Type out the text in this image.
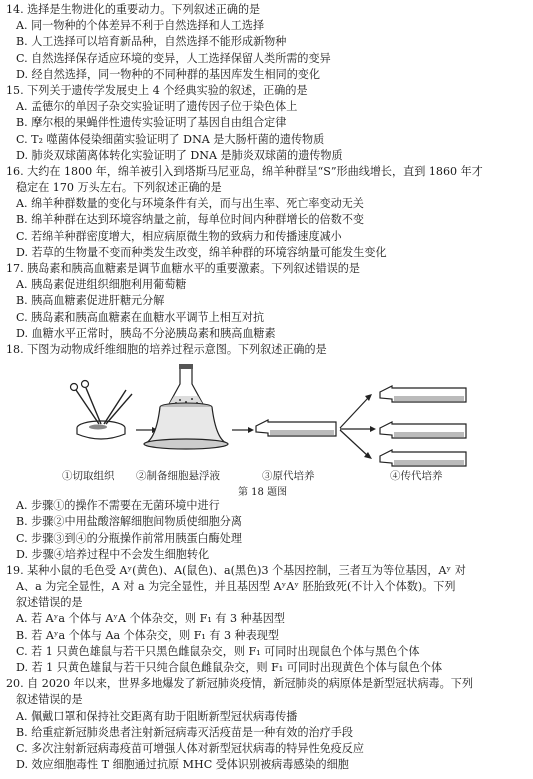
14. 选择是生物进化的重要动力。下列叙述正确的是
A. 同一物种的个体差异不利于自然选择和人工选择
B. 人工选择可以培育新品种，自然选择不能形成新物种
C. 自然选择保存适应环境的变异，人工选择保留人类所需的变异
D. 经自然选择，同一物种的不同种群的基因库发生相同的变化
15. 下列关于遗传学发展史上 4 个经典实验的叙述，正确的是
A. 孟德尔的单因子杂交实验证明了遗传因子位于染色体上
B. 摩尔根的果蝇伴性遗传实验证明了基因自由组合定律
C. T₂ 噬菌体侵染细菌实验证明了 DNA 是大肠杆菌的遗传物质
D. 肺炎双球菌离体转化实验证明了 DNA 是肺炎双球菌的遗传物质
16. 大约在 1800 年，绵羊被引入到塔斯马尼亚岛，绵羊种群呈“S”形曲线增长，直到 1860 年才
稳定在 170 万头左右。下列叙述正确的是
A. 绵羊种群数量的变化与环境条件有关，而与出生率、死亡率变动无关
B. 绵羊种群在达到环境容纳量之前，每单位时间内种群增长的倍数不变
C. 若绵羊种群密度增大，相应病原微生物的致病力和传播速度减小
D. 若草的生物量不变而种类发生改变，绵羊种群的环境容纳量可能发生变化
17. 胰岛素和胰高血糖素是调节血糖水平的重要激素。下列叙述错误的是
A. 胰岛素促进组织细胞利用葡萄糖
B. 胰高血糖素促进肝糖元分解
C. 胰岛素和胰高血糖素在血糖水平调节上相互对抗
D. 血糖水平正常时，胰岛不分泌胰岛素和胰高血糖素
18. 下图为动物成纤维细胞的培养过程示意图。下列叙述正确的是
①切取组织 ②制备细胞悬浮液	③原代培养	④传代培养
第 18 题图
A. 步骤①的操作不需要在无菌环境中进行
B. 步骤②中用盐酸溶解细胞间物质使细胞分离
C. 步骤③到④的分瓶操作前常用胰蛋白酶处理
D. 步骤④培养过程中不会发生细胞转化
19. 某种小鼠的毛色受 Aʸ(黄色)、A(鼠色)、a(黑色)3 个基因控制，三者互为等位基因，Aʸ 对
A、a 为完全显性，A 对 a 为完全显性，并且基因型 AʸAʸ 胚胎致死(不计入个体数)。下列
叙述错误的是
A. 若 Aʸa 个体与 AʸA 个体杂交，则 F₁ 有 3 种基因型
B. 若 Aʸa 个体与 Aa 个体杂交，则 F₁ 有 3 种表现型
C. 若 1 只黄色雄鼠与若干只黑色雌鼠杂交，则 F₁ 可同时出现鼠色个体与黑色个体
D. 若 1 只黄色雄鼠与若干只纯合鼠色雌鼠杂交，则 F₁ 可同时出现黄色个体与鼠色个体
20. 自 2020 年以来，世界多地爆发了新冠肺炎疫情，新冠肺炎的病原体是新型冠状病毒。下列
叙述错误的是
A. 佩戴口罩和保持社交距离有助于阻断新型冠状病毒传播
B. 给重症新冠肺炎患者注射新冠病毒灭活疫苗是一种有效的治疗手段
C. 多次注射新冠病毒疫苗可增强人体对新型冠状病毒的特异性免疫反应
D. 效应细胞毒性 T 细胞通过抗原 MHC 受体识别被病毒感染的细胞
